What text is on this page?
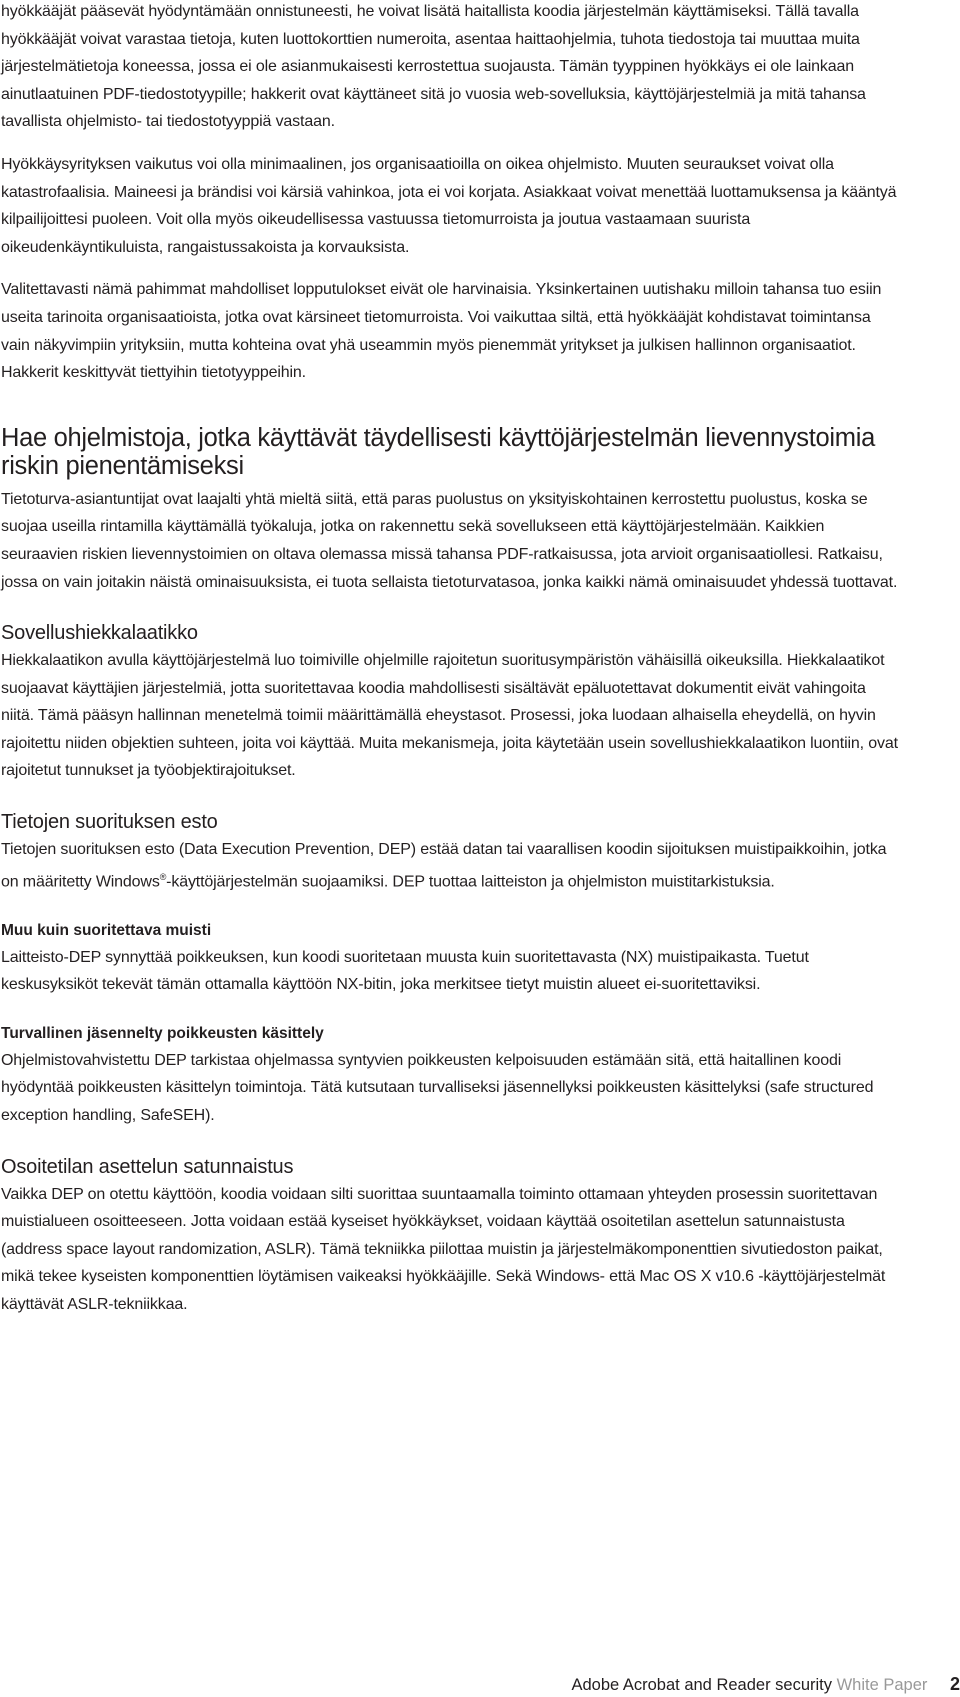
hyökkääjät pääsevät hyödyntämään onnistuneesti, he voivat lisätä haitallista koodia järjestelmän käyttämiseksi. Tällä tavalla hyökkääjät voivat varastaa tietoja, kuten luottokorttien numeroita, asentaa haittaohjelmia, tuhota tiedostoja tai muuttaa muita järjestelmätietoja koneessa, jossa ei ole asianmukaisesti kerrostettua suojausta. Tämän tyyppinen hyökkäys ei ole lainkaan ainutlaatuinen PDF-tiedostotyypille; hakkerit ovat käyttäneet sitä jo vuosia web-sovelluksia, käyttöjärjestelmiä ja mitä tahansa tavallista ohjelmisto- tai tiedostotyyppiä vastaan.

Hyökkäysyrityksen vaikutus voi olla minimaalinen, jos organisaatioilla on oikea ohjelmisto. Muuten seuraukset voivat olla katastrofaalisia. Maineesi ja brändisi voi kärsiä vahinkoa, jota ei voi korjata. Asiakkaat voivat menettää luottamuksensa ja kääntyä kilpailijoittesi puoleen. Voit olla myös oikeudellisessa vastuussa tietomurroista ja joutua vastaamaan suurista oikeudenkäyntikuluista, rangaistussakoista ja korvauksista.

Valitettavasti nämä pahimmat mahdolliset lopputulokset eivät ole harvinaisia. Yksinkertainen uutishaku milloin tahansa tuo esiin useita tarinoita organisaatioista, jotka ovat kärsineet tietomurroista. Voi vaikuttaa siltä, että hyökkääjät kohdistavat toimintansa vain näkyvimpiin yrityksiin, mutta kohteina ovat yhä useammin myös pienemmät yritykset ja julkisen hallinnon organisaatiot. Hakkerit keskittyvät tiettyihin tietotyyppeihin.

Hae ohjelmistoja, jotka käyttävät täydellisesti käyttöjärjestelmän lievennystoimia riskin pienentämiseksi

Tietoturva-asiantuntijat ovat laajalti yhtä mieltä siitä, että paras puolustus on yksityiskohtainen kerrostettu puolustus, koska se suojaa useilla rintamilla käyttämällä työkaluja, jotka on rakennettu sekä sovellukseen että käyttöjärjestelmään. Kaikkien seuraavien riskien lievennystoimien on oltava olemassa missä tahansa PDF-ratkaisussa, jota arvioit organisaatiollesi. Ratkaisu, jossa on vain joitakin näistä ominaisuuksista, ei tuota sellaista tietoturvatasoa, jonka kaikki nämä ominaisuudet yhdessä tuottavat.

Sovellushiekkalaatikko

Hiekkalaatikon avulla käyttöjärjestelmä luo toimiville ohjelmille rajoitetun suoritusympäristön vähäisillä oikeuksilla. Hiekkalaatikot suojaavat käyttäjien järjestelmiä, jotta suoritettavaa koodia mahdollisesti sisältävät epäluotettavat dokumentit eivät vahingoita niitä. Tämä pääsyn hallinnan menetelmä toimii määrittämällä eheystasot. Prosessi, joka luodaan alhaisella eheydellä, on hyvin rajoitettu niiden objektien suhteen, joita voi käyttää. Muita mekanismeja, joita käytetään usein sovellushiekkalaatikon luontiin, ovat rajoitetut tunnukset ja työobjektirajoitukset.

Tietojen suorituksen esto

Tietojen suorituksen esto (Data Execution Prevention, DEP) estää datan tai vaarallisen koodin sijoituksen muistipaikkoihin, jotka on määritetty Windows®-käyttöjärjestelmän suojaamiksi. DEP tuottaa laitteiston ja ohjelmiston muistitarkistuksia.

Muu kuin suoritettava muisti

Laitteisto-DEP synnyttää poikkeuksen, kun koodi suoritetaan muusta kuin suoritettavasta (NX) muistipaikasta. Tuetut keskusyksiköt tekevät tämän ottamalla käyttöön NX-bitin, joka merkitsee tietyt muistin alueet ei-suoritettaviksi.

Turvallinen jäsennelty poikkeusten käsittely

Ohjelmistovahvistettu DEP tarkistaa ohjelmassa syntyvien poikkeusten kelpoisuuden estämään sitä, että haitallinen koodi hyödyntää poikkeusten käsittelyn toimintoja. Tätä kutsutaan turvalliseksi jäsennellyksi poikkeusten käsittelyksi (safe structured exception handling, SafeSEH).

Osoitetilan asettelun satunnaistus

Vaikka DEP on otettu käyttöön, koodia voidaan silti suorittaa suuntaamalla toiminto ottamaan yhteyden prosessin suoritettavan muistialueen osoitteeseen. Jotta voidaan estää kyseiset hyökkäykset, voidaan käyttää osoitetilan asettelun satunnaistusta (address space layout randomization, ASLR). Tämä tekniikka piilottaa muistin ja järjestelmäkomponenttien sivutiedoston paikat, mikä tekee kyseisten komponenttien löytämisen vaikeaksi hyökkääjille. Sekä Windows- että Mac OS X v10.6 -käyttöjärjestelmät käyttävät ASLR-tekniikkaa.

Adobe Acrobat and Reader security White Paper 2
